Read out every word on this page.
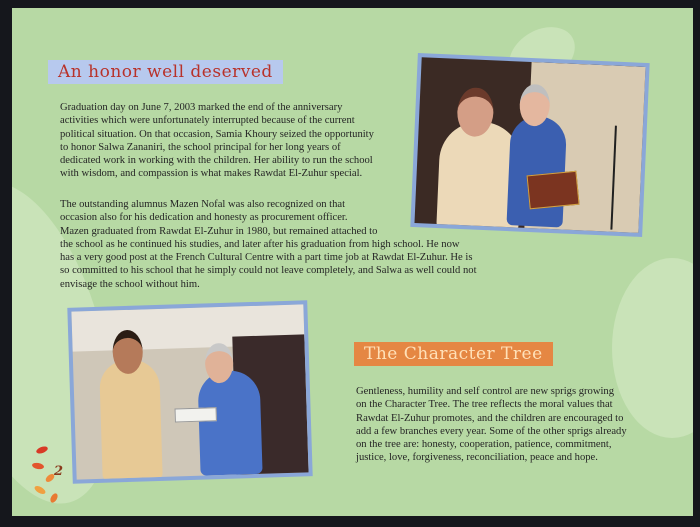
An honor well deserved

Graduation day on June 7, 2003 marked the end of the anniversary
activities which were unfortunately interrupted because of the current
political situation. On that occasion, Samia Khoury seized the opportunity
to honor Salwa Zananiri, the school principal for her long years of
dedicated work in working with the children. Her ability to run the school
with wisdom, and compassion is what makes Rawdat El-Zuhur special.

The outstanding alumnus Mazen Nofal was also recognized on that
occasion also for his dedication and honesty as procurement officer.
Mazen graduated from Rawdat El-Zuhur in 1980, but remained attached to
the school as he continued his studies, and later after his graduation from high school. He now
has a very good post at the French Cultural Centre with a part time job at Rawdat El-Zuhur. He is
so committed to his school that he simply could not leave completely, and Salwa as well could not
envisage the school without him.

The Character Tree

Gentleness, humility and self control are new sprigs growing
on the Character Tree. The tree reflects the moral values that
Rawdat El-Zuhur promotes, and the children are encouraged to
add a few branches every year. Some of the other sprigs already
on the tree are: honesty, cooperation, patience, commitment,
justice, love, forgiveness, reconciliation, peace and hope.

2
